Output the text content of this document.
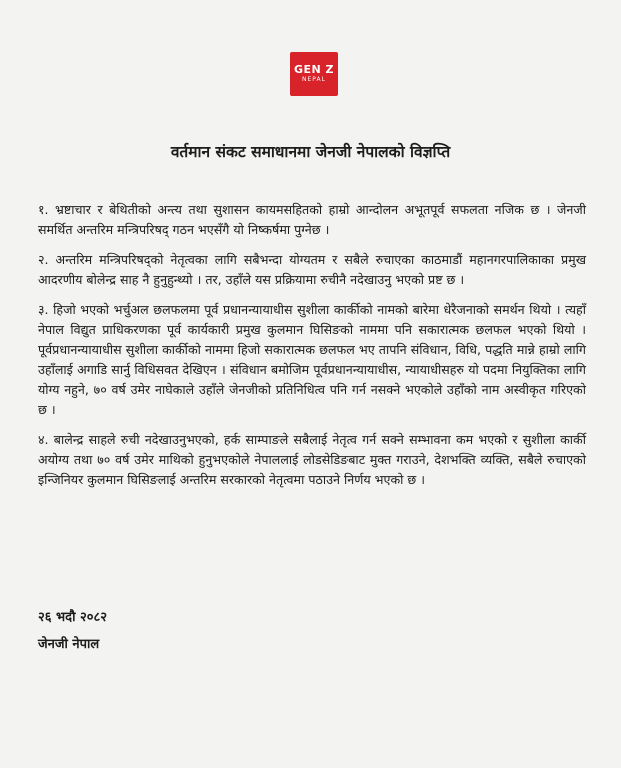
GEN Z
NEPAL
वर्तमान संकट समाधानमा जेनजी नेपालको विज्ञप्ति

१. भ्रष्टाचार र बेथितीको अन्त्य तथा सुशासन कायमसहितको हाम्रो आन्दोलन अभूतपूर्व सफलता नजिक छ । जेनजी समर्थित अन्तरिम मन्त्रिपरिषद् गठन भएसँगै यो निष्कर्षमा पुग्नेछ ।

२. अन्तरिम मन्त्रिपरिषद्को नेतृत्वका लागि सबैभन्दा योग्यतम र सबैले रुचाएका काठमाडौं महानगरपालिकाका प्रमुख आदरणीय बोलेन्द्र साह नै हुनुहुन्थ्यो । तर, उहाँले यस प्रक्रियामा रुचीनै नदेखाउनु भएको प्रष्ट छ ।

३. हिजो भएको भर्चुअल छलफलमा पूर्व प्रधानन्यायाधीस सुशीला कार्कीको नामको बारेमा धेरैजनाको समर्थन थियो । त्यहाँ नेपाल विद्युत प्राधिकरणका पूर्व कार्यकारी प्रमुख कुलमान घिसिङको नाममा पनि सकारात्मक छलफल भएको थियो । पूर्वप्रधानन्यायाधीस सुशीला कार्कीको नाममा हिजो सकारात्मक छलफल भए तापनि संविधान, विधि, पद्धति मान्ने हाम्रो लागि उहाँलाई अगाडि सार्नु विधिसवत देखिएन । संविधान बमोजिम पूर्वप्रधानन्यायाधीस, न्यायाधीसहरु यो पदमा नियुक्तिका लागि योग्य नहुने, ७० वर्ष उमेर नाघेकाले उहाँले जेनजीको प्रतिनिधित्व पनि गर्न नसक्ने भएकोले उहाँको नाम अस्वीकृत गरिएको छ ।

४. बालेन्द्र साहले रुची नदेखाउनुभएको, हर्क साम्पाङले सबैलाई नेतृत्व गर्न सक्ने सम्भावना कम भएको र सुशीला कार्की अयोग्य तथा ७० वर्ष उमेर माथिको हुनुभएकोले नेपाललाई लोडसेडिङबाट मुक्त गराउने, देशभक्ति व्यक्ति, सबैले रुचाएको इन्जिनियर कुलमान घिसिङलाई अन्तरिम सरकारको नेतृत्वमा पठाउने निर्णय भएको छ ।

२६ भदौ २०८२

जेनजी नेपाल
